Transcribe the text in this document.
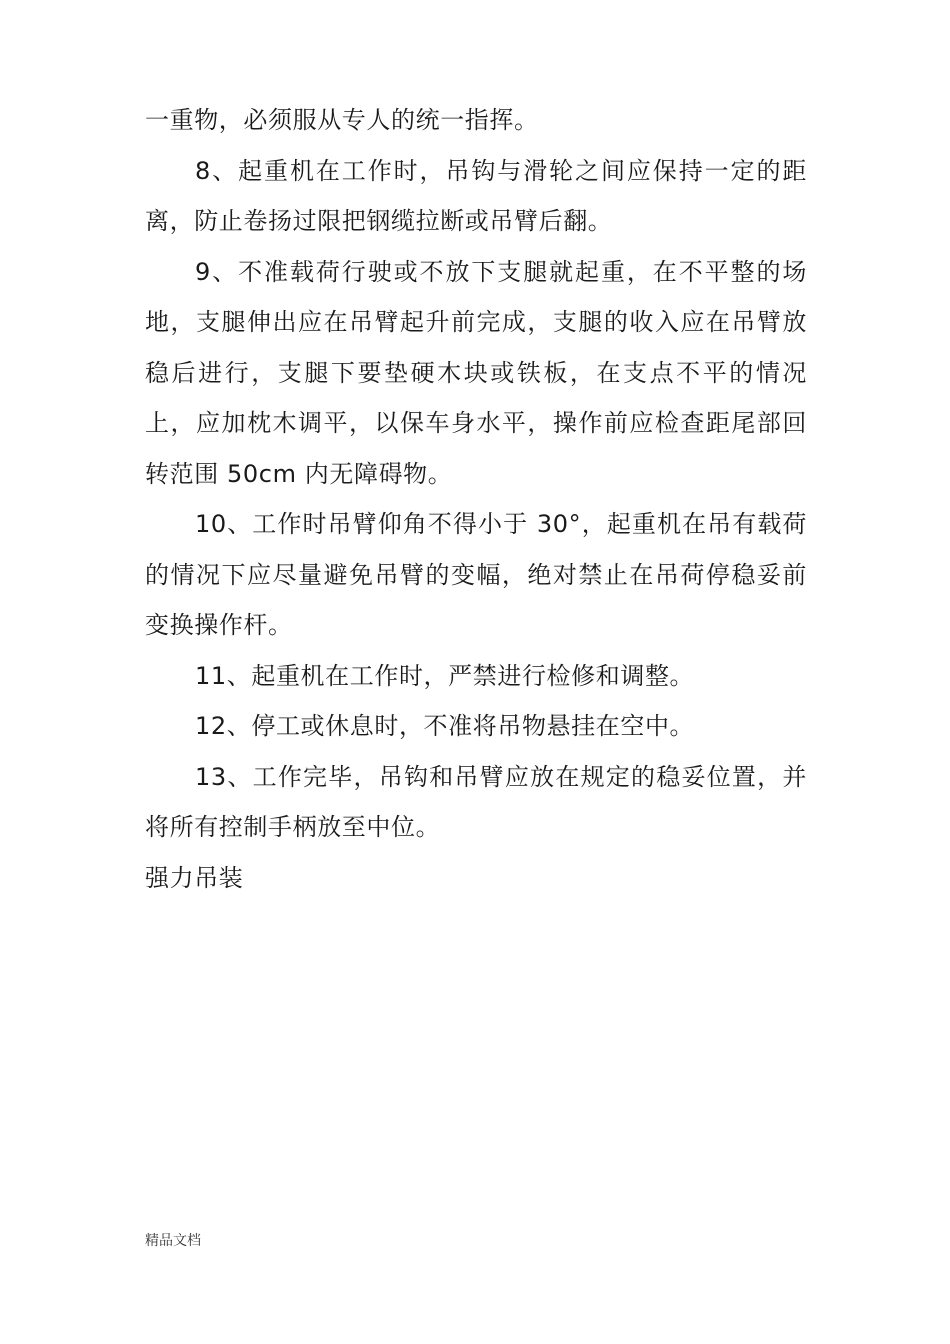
一重物，必须服从专人的统一指挥。

8、起重机在工作时，吊钩与滑轮之间应保持一定的距离，防止卷扬过限把钢缆拉断或吊臂后翻。

9、不准载荷行驶或不放下支腿就起重，在不平整的场地，支腿伸出应在吊臂起升前完成，支腿的收入应在吊臂放稳后进行，支腿下要垫硬木块或铁板，在支点不平的情况上，应加枕木调平，以保车身水平，操作前应检查距尾部回转范围 50cm 内无障碍物。

10、工作时吊臂仰角不得小于 30°，起重机在吊有载荷的情况下应尽量避免吊臂的变幅，绝对禁止在吊荷停稳妥前变换操作杆。

11、起重机在工作时，严禁进行检修和调整。

12、停工或休息时，不准将吊物悬挂在空中。

13、工作完毕，吊钩和吊臂应放在规定的稳妥位置，并将所有控制手柄放至中位。

强力吊装

精品文档
